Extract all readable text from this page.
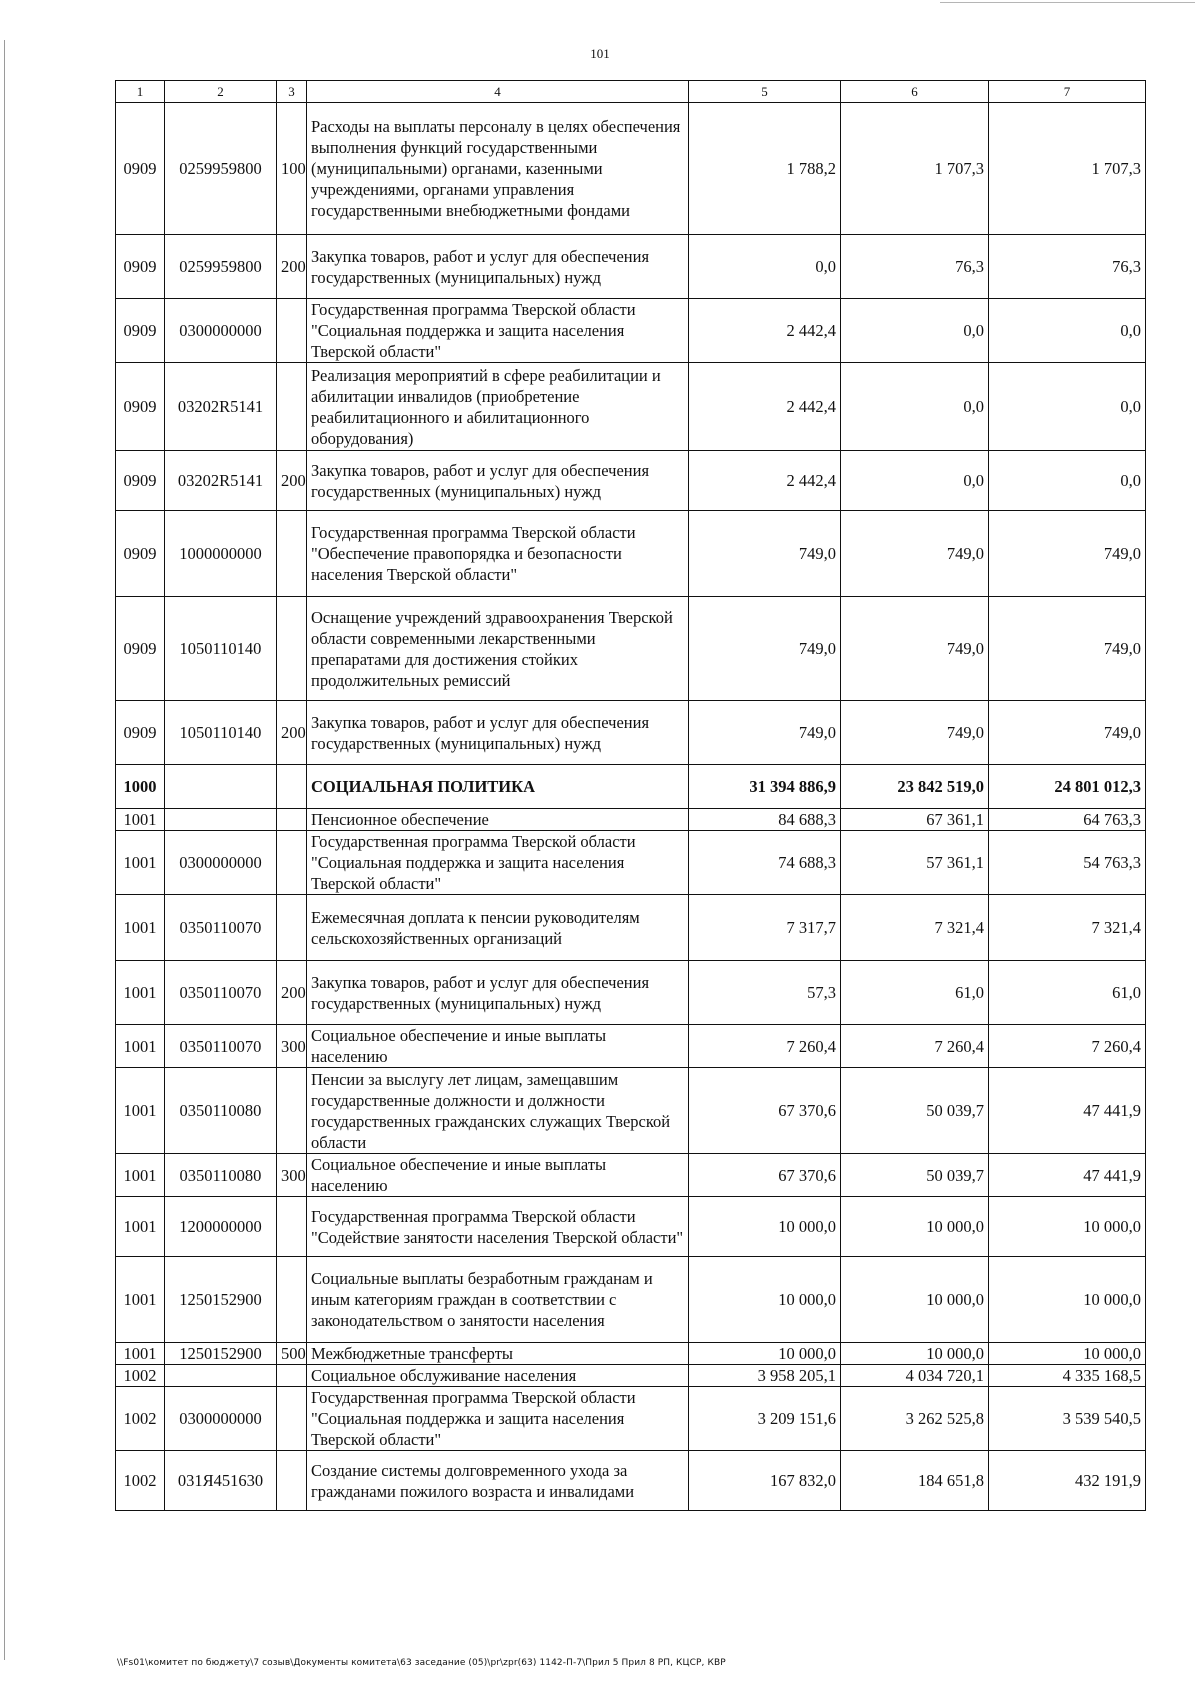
101
1	2	3	4	5	6	7
0909	0259959800	100	Расходы на выплаты персоналу в целях обеспечения выполнения функций государственными (муниципальными) органами, казенными учреждениями, органами управления государственными внебюджетными фондами	1 788,2	1 707,3	1 707,3
0909	0259959800	200	Закупка товаров, работ и услуг для обеспечения государственных (муниципальных) нужд	0,0	76,3	76,3
0909	0300000000		Государственная программа Тверской области "Социальная поддержка и защита населения Тверской области"	2 442,4	0,0	0,0
0909	03202R5141		Реализация мероприятий в сфере реабилитации и абилитации инвалидов (приобретение реабилитационного и абилитационного оборудования)	2 442,4	0,0	0,0
0909	03202R5141	200	Закупка товаров, работ и услуг для обеспечения государственных (муниципальных) нужд	2 442,4	0,0	0,0
0909	1000000000		Государственная программа Тверской области "Обеспечение правопорядка и безопасности населения Тверской области"	749,0	749,0	749,0
0909	1050110140		Оснащение учреждений здравоохранения Тверской области современными лекарственными препаратами для достижения стойких продолжительных ремиссий	749,0	749,0	749,0
0909	1050110140	200	Закупка товаров, работ и услуг для обеспечения государственных (муниципальных) нужд	749,0	749,0	749,0
1000			СОЦИАЛЬНАЯ ПОЛИТИКА	31 394 886,9	23 842 519,0	24 801 012,3
1001			Пенсионное обеспечение	84 688,3	67 361,1	64 763,3
1001	0300000000		Государственная программа Тверской области "Социальная поддержка и защита населения Тверской области"	74 688,3	57 361,1	54 763,3
1001	0350110070		Ежемесячная доплата к пенсии руководителям сельскохозяйственных организаций	7 317,7	7 321,4	7 321,4
1001	0350110070	200	Закупка товаров, работ и услуг для обеспечения государственных (муниципальных) нужд	57,3	61,0	61,0
1001	0350110070	300	Социальное обеспечение и иные выплаты населению	7 260,4	7 260,4	7 260,4
1001	0350110080		Пенсии за выслугу лет лицам, замещавшим государственные должности и должности государственных гражданских служащих Тверской области	67 370,6	50 039,7	47 441,9
1001	0350110080	300	Социальное обеспечение и иные выплаты населению	67 370,6	50 039,7	47 441,9
1001	1200000000		Государственная программа Тверской области "Содействие занятости населения Тверской области"	10 000,0	10 000,0	10 000,0
1001	1250152900		Социальные выплаты безработным гражданам и иным категориям граждан в соответствии с законодательством о занятости населения	10 000,0	10 000,0	10 000,0
1001	1250152900	500	Межбюджетные трансферты	10 000,0	10 000,0	10 000,0
1002			Социальное обслуживание населения	3 958 205,1	4 034 720,1	4 335 168,5
1002	0300000000		Государственная программа Тверской области "Социальная поддержка и защита населения Тверской области"	3 209 151,6	3 262 525,8	3 539 540,5
1002	031Я451630		Создание системы долговременного ухода за гражданами пожилого возраста и инвалидами	167 832,0	184 651,8	432 191,9
\\Fs01\комитет по бюджету\7 созыв\Документы комитета\63 заседание (05)\pr\zpr(63) 1142-П-7\Прил 5 Прил 8 РП, КЦСР, КВР
